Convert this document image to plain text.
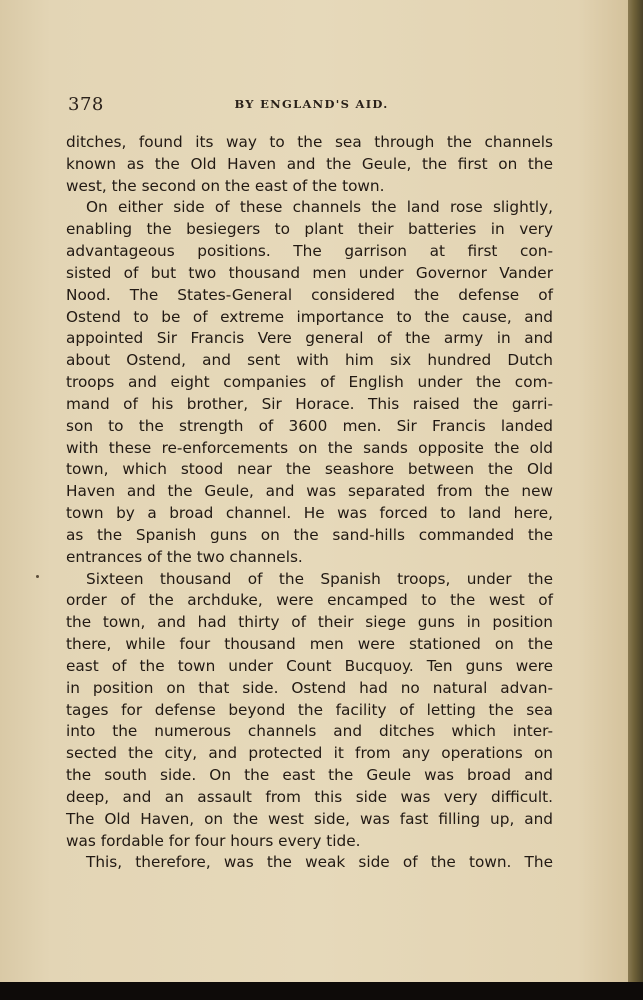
378	BY ENGLAND'S AID.
ditches, found its way to the sea through the channels
known as the Old Haven and the Geule, the first on the
west, the second on the east of the town.
On either side of these channels the land rose slightly,
enabling the besiegers to plant their batteries in very
advantageous positions. The garrison at first con-
sisted of but two thousand men under Governor Vander
Nood. The States-General considered the defense of
Ostend to be of extreme importance to the cause, and
appointed Sir Francis Vere general of the army in and
about Ostend, and sent with him six hundred Dutch
troops and eight companies of English under the com-
mand of his brother, Sir Horace. This raised the garri-
son to the strength of 3600 men. Sir Francis landed
with these re-enforcements on the sands opposite the old
town, which stood near the seashore between the Old
Haven and the Geule, and was separated from the new
town by a broad channel. He was forced to land here,
as the Spanish guns on the sand-hills commanded the
entrances of the two channels.
Sixteen thousand of the Spanish troops, under the
order of the archduke, were encamped to the west of
the town, and had thirty of their siege guns in position
there, while four thousand men were stationed on the
east of the town under Count Bucquoy. Ten guns were
in position on that side. Ostend had no natural advan-
tages for defense beyond the facility of letting the sea
into the numerous channels and ditches which inter-
sected the city, and protected it from any operations on
the south side. On the east the Geule was broad and
deep, and an assault from this side was very difficult.
The Old Haven, on the west side, was fast filling up, and
was fordable for four hours every tide.
This, therefore, was the weak side of the town. The
